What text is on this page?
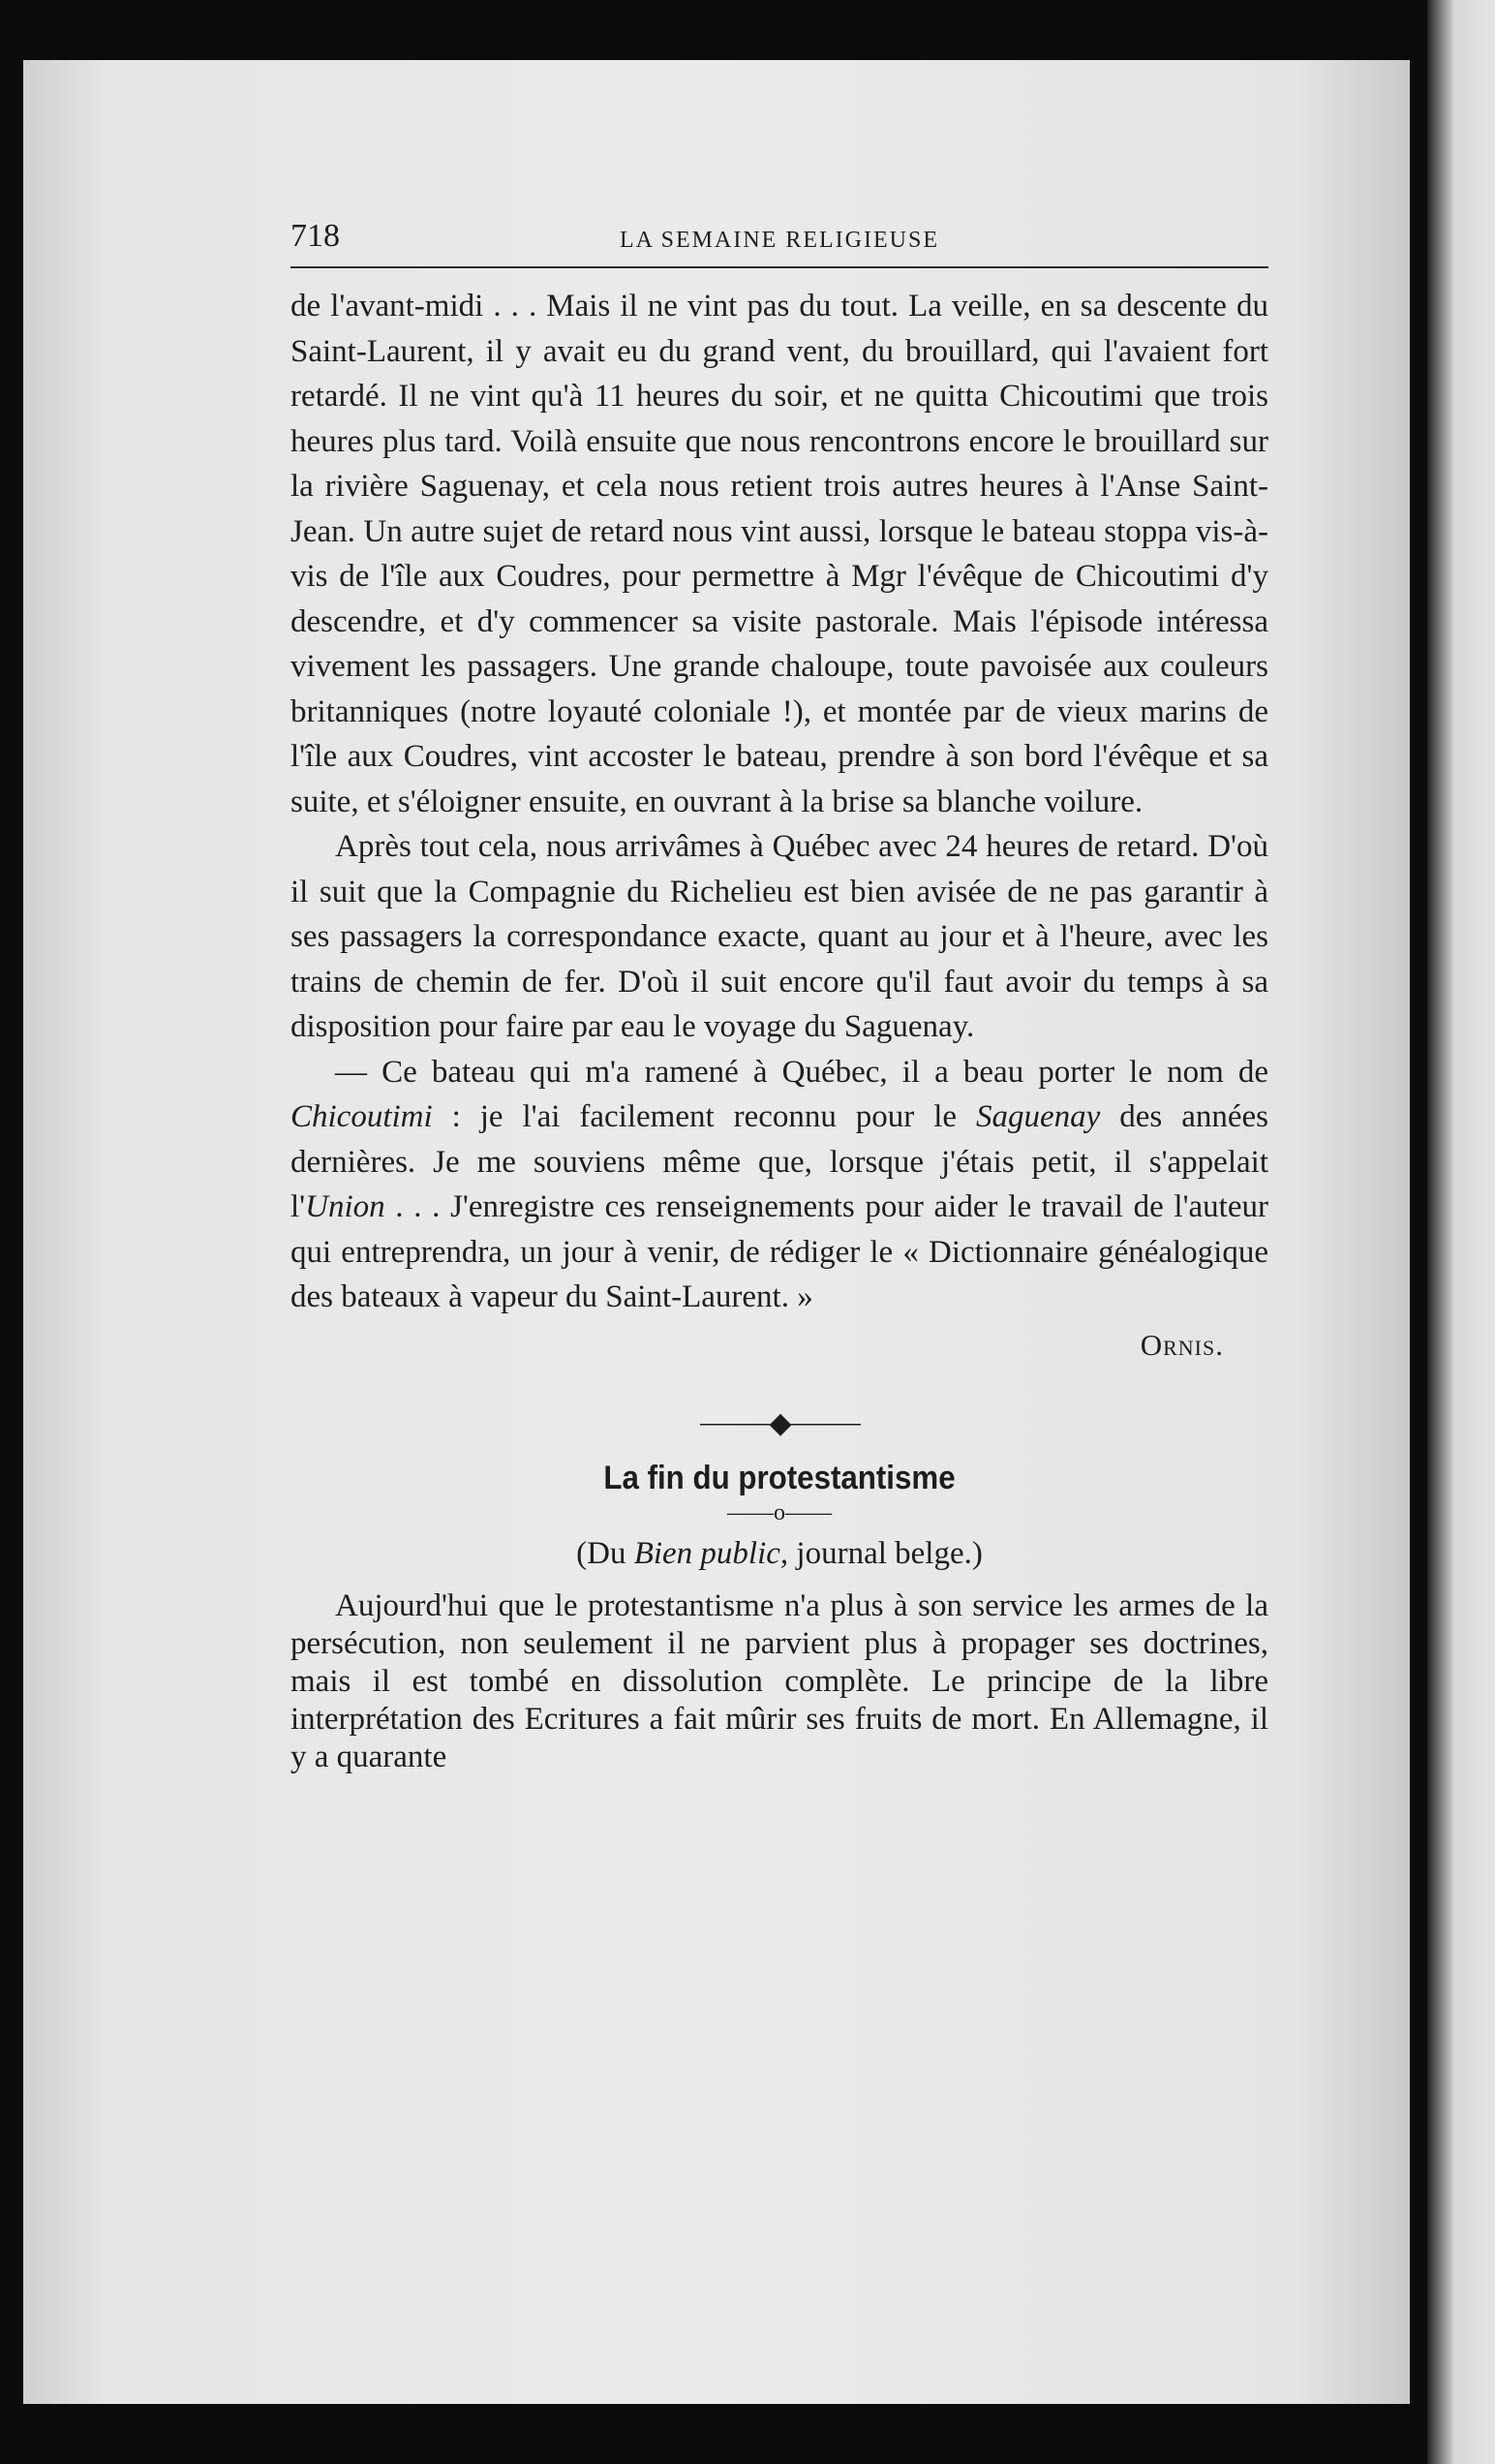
718	LA SEMAINE RELIGIEUSE

de l'avant-midi . . . Mais il ne vint pas du tout. La veille, en sa descente du Saint-Laurent, il y avait eu du grand vent, du brouillard, qui l'avaient fort retardé. Il ne vint qu'à 11 heures du soir, et ne quitta Chicoutimi que trois heures plus tard. Voilà ensuite que nous rencontrons encore le brouillard sur la rivière Saguenay, et cela nous retient trois autres heures à l'Anse Saint-Jean. Un autre sujet de retard nous vint aussi, lorsque le bateau stoppa vis-à-vis de l'île aux Coudres, pour permettre à Mgr l'évêque de Chicoutimi d'y descendre, et d'y commencer sa visite pastorale. Mais l'épisode intéressa vivement les passagers. Une grande chaloupe, toute pavoisée aux couleurs britanniques (notre loyauté coloniale !), et montée par de vieux marins de l'île aux Coudres, vint accoster le bateau, prendre à son bord l'évêque et sa suite, et s'éloigner ensuite, en ouvrant à la brise sa blanche voilure.

Après tout cela, nous arrivâmes à Québec avec 24 heures de retard. D'où il suit que la Compagnie du Richelieu est bien avisée de ne pas garantir à ses passagers la correspondance exacte, quant au jour et à l'heure, avec les trains de chemin de fer. D'où il suit encore qu'il faut avoir du temps à sa disposition pour faire par eau le voyage du Saguenay.

— Ce bateau qui m'a ramené à Québec, il a beau porter le nom de Chicoutimi : je l'ai facilement reconnu pour le Saguenay des années dernières. Je me souviens même que, lorsque j'étais petit, il s'appelait l'Union . . . J'enregistre ces renseignements pour aider le travail de l'auteur qui entreprendra, un jour à venir, de rédiger le « Dictionnaire généalogique des bateaux à vapeur du Saint-Laurent. »

Ornis.
⸻◆⸻
La fin du protestantisme
——o——
(Du Bien public, journal belge.)

Aujourd'hui que le protestantisme n'a plus à son service les armes de la persécution, non seulement il ne parvient plus à propager ses doctrines, mais il est tombé en dissolution complète. Le principe de la libre interprétation des Ecritures a fait mûrir ses fruits de mort. En Allemagne, il y a quarante
